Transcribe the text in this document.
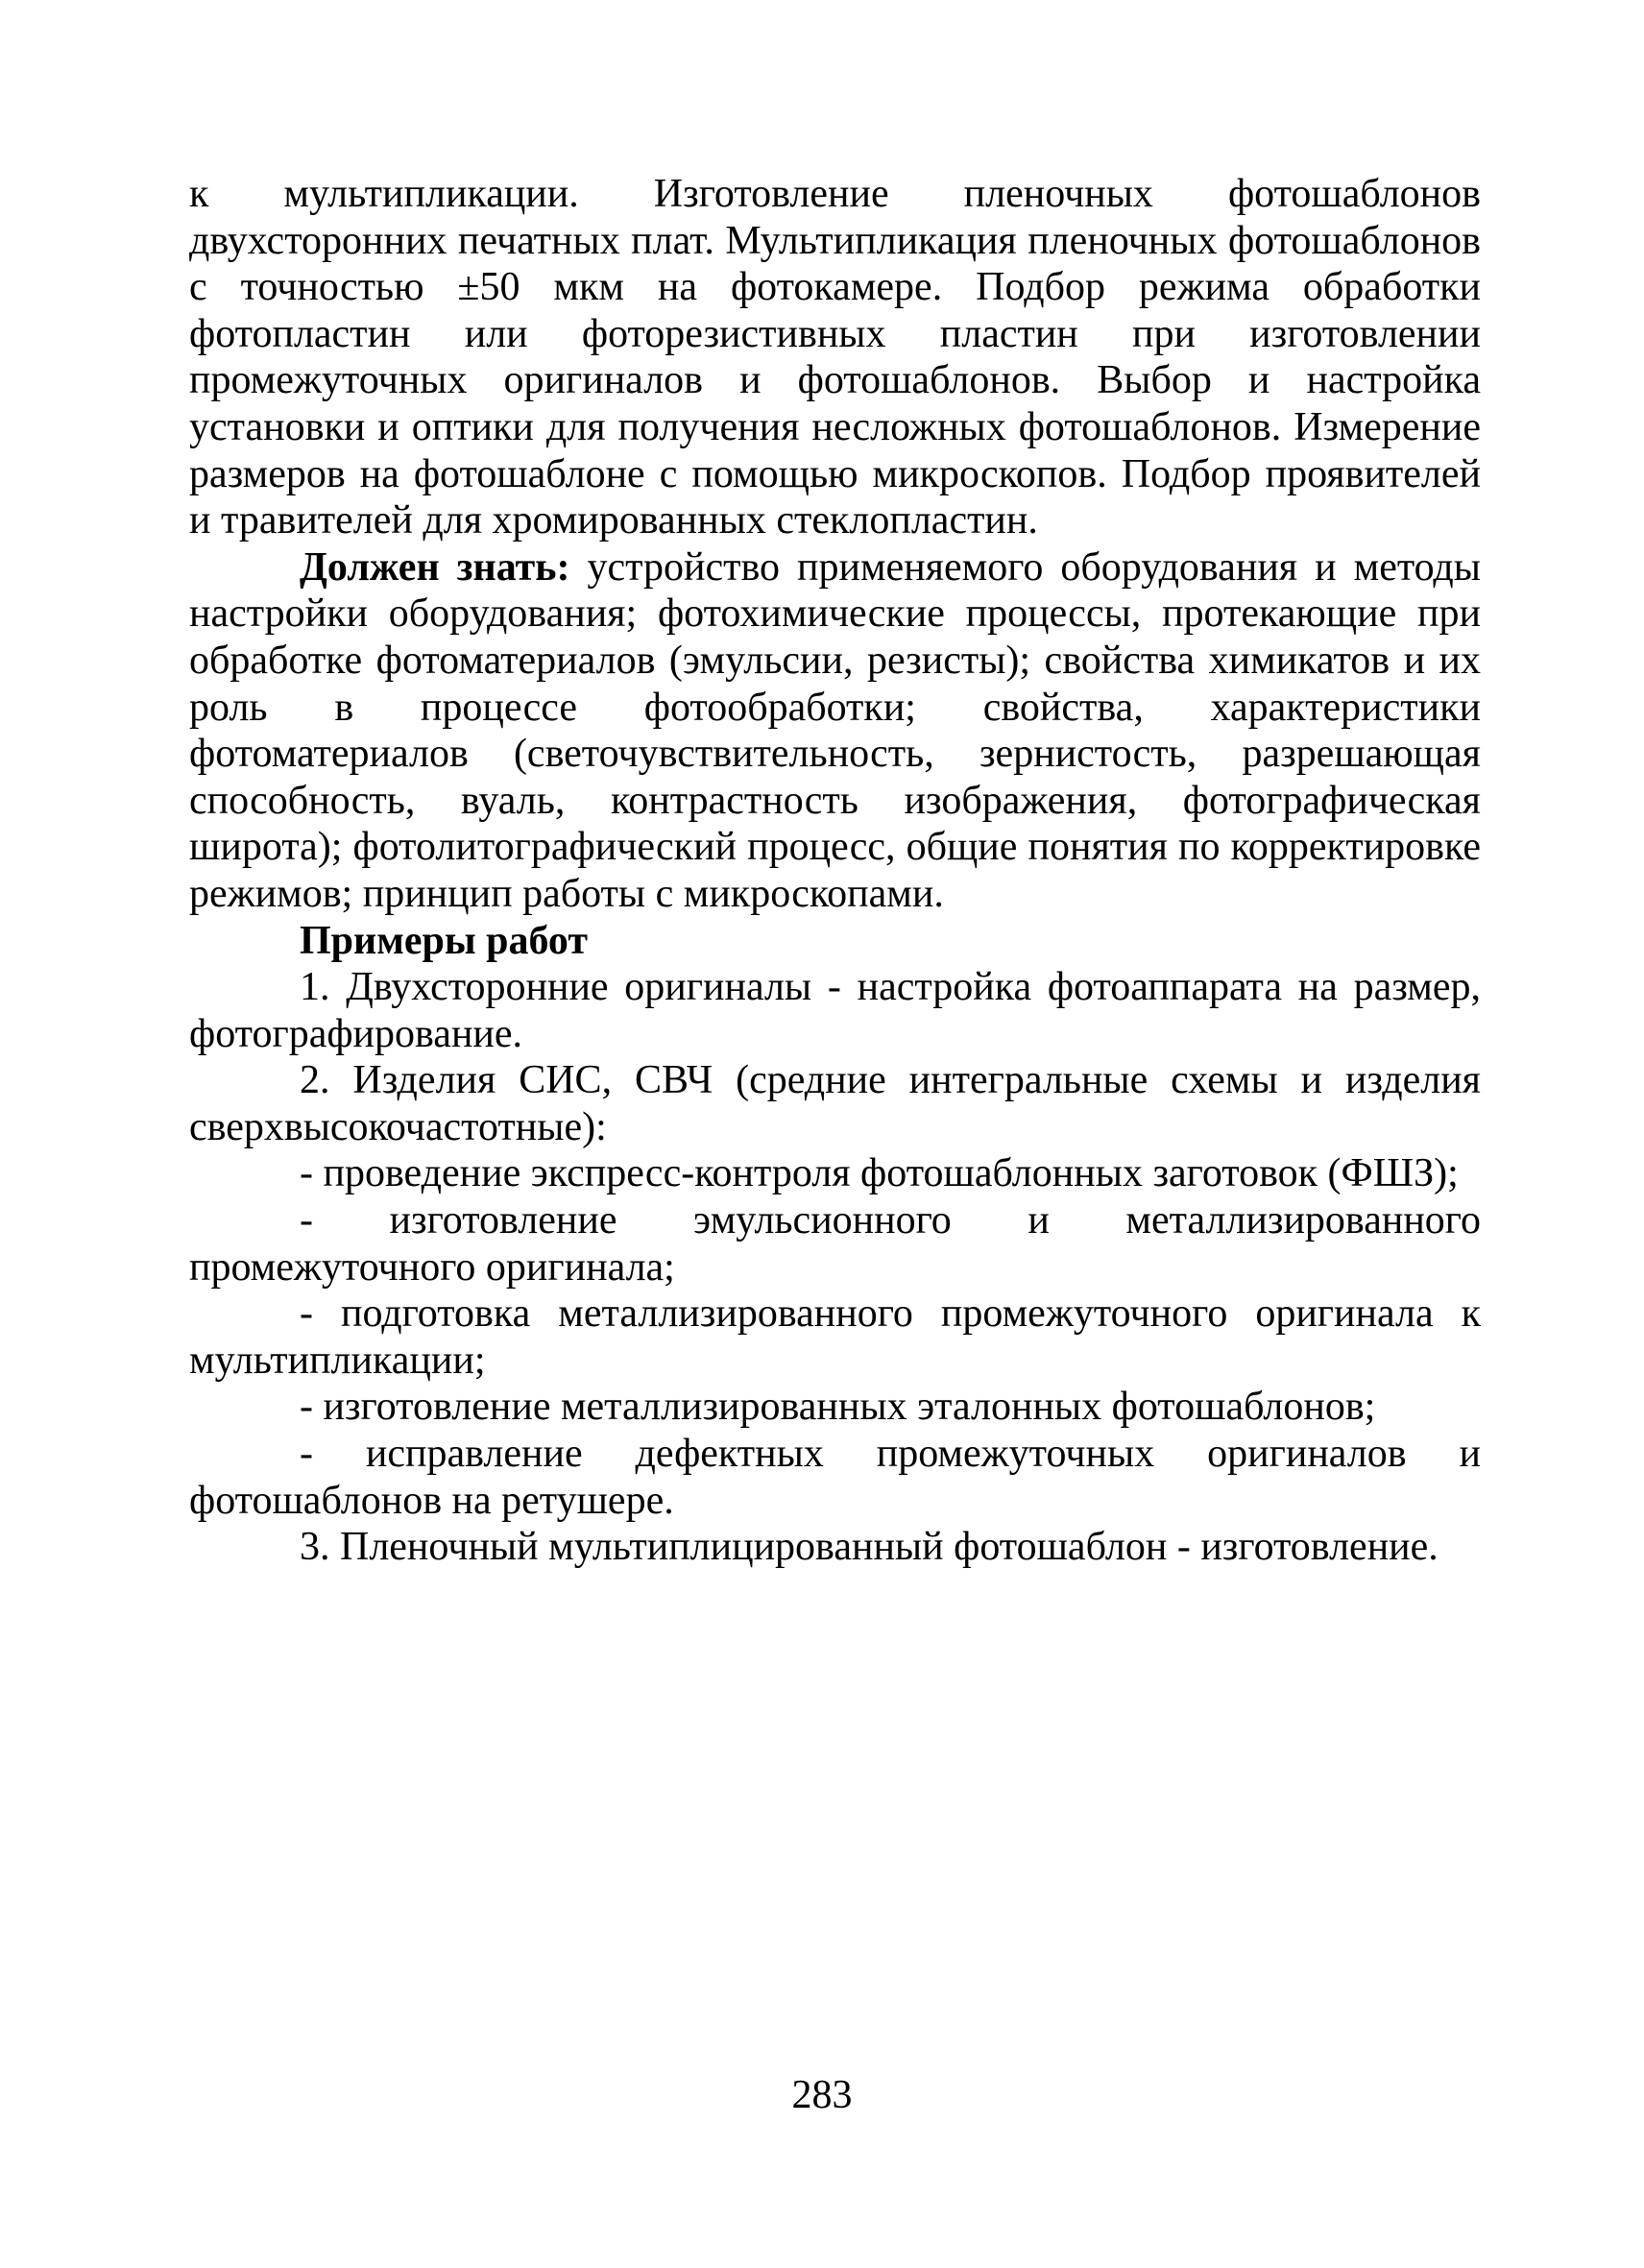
к мультипликации. Изготовление пленочных фотошаблонов двухсторонних печатных плат. Мультипликация пленочных фотошаблонов с точностью ±50 мкм на фотокамере. Подбор режима обработки фотопластин или фоторезистивных пластин при изготовлении промежуточных оригиналов и фотошаблонов. Выбор и настройка установки и оптики для получения несложных фотошаблонов. Измерение размеров на фотошаблоне с помощью микроскопов. Подбор проявителей и травителей для хромированных стеклопластин.

Должен знать: устройство применяемого оборудования и методы настройки оборудования; фотохимические процессы, протекающие при обработке фотоматериалов (эмульсии, резисты); свойства химикатов и их роль в процессе фотообработки; свойства, характеристики фотоматериалов (светочувствительность, зернистость, разрешающая способность, вуаль, контрастность изображения, фотографическая широта); фотолитографический процесс, общие понятия по корректировке режимов; принцип работы с микроскопами.

Примеры работ

1. Двухсторонние оригиналы - настройка фотоаппарата на размер, фотографирование.

2. Изделия СИС, СВЧ (средние интегральные схемы и изделия сверхвысокочастотные):

- проведение экспресс-контроля фотошаблонных заготовок (ФШЗ);

- изготовление эмульсионного и металлизированного промежуточного оригинала;

- подготовка металлизированного промежуточного оригинала к мультипликации;

- изготовление металлизированных эталонных фотошаблонов;

- исправление дефектных промежуточных оригиналов и фотошаблонов на ретушере.

3. Пленочный мультиплицированный фотошаблон - изготовление.

283
